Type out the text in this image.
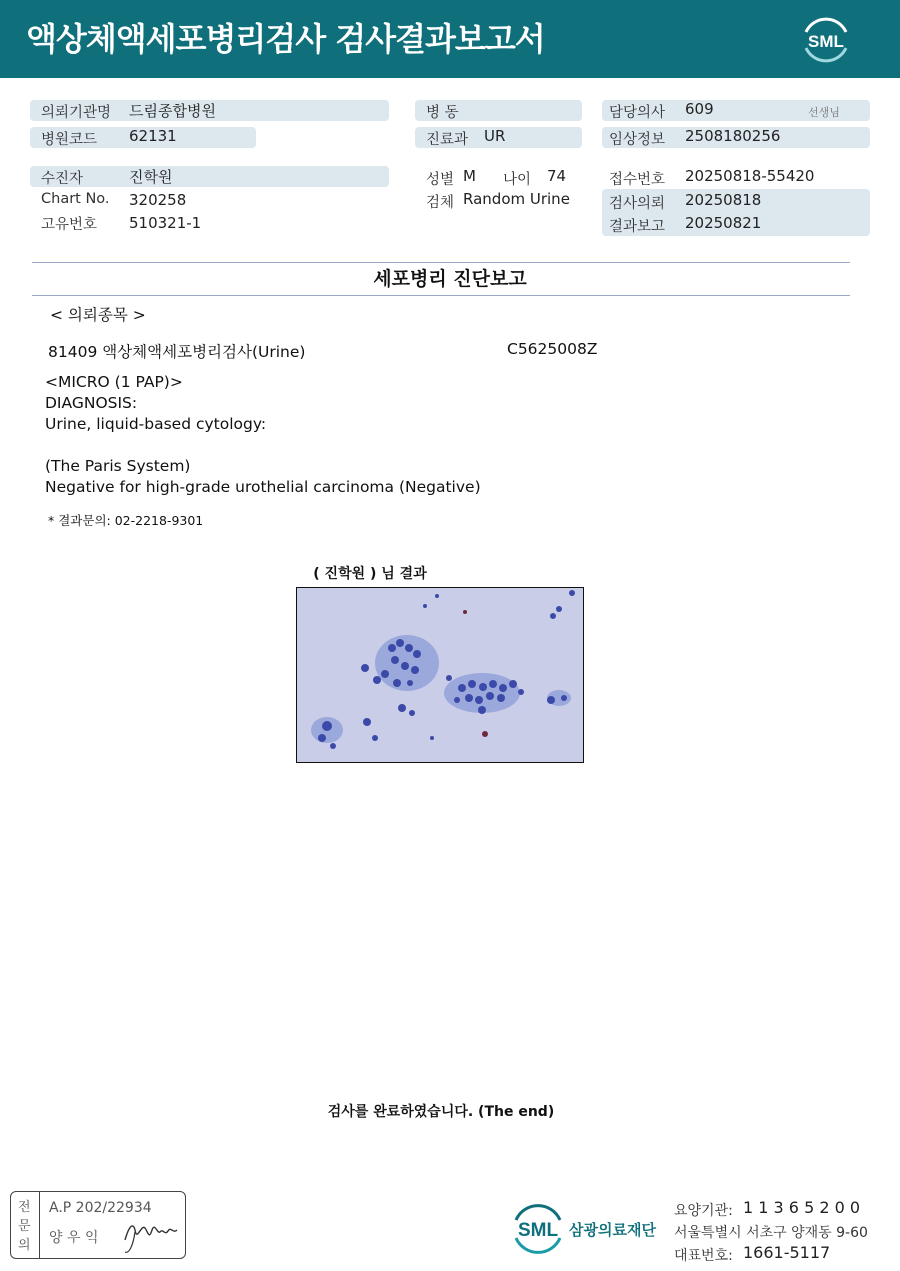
액상체액세포병리검사 검사결과보고서	SML
의뢰기관명 드림종합병원
병원코드 62131
수진자	진학원
Chart No. 320258
고유번호 510321-1
병 동
진료과 UR
성별 M 나이 74
검체 Random Urine
담당의사 609	선생님
임상정보 2508180256
접수번호 20250818-55420
검사의뢰 20250818
결과보고 20250821
세포병리 진단보고
< 의뢰종목 >
81409 액상체액세포병리검사(Urine)	C5625008Z
<MICRO (1 PAP)>
DIAGNOSIS:
Urine, liquid-based cytology:
(The Paris System)
Negative for high-grade urothelial carcinoma (Negative)
* 결과문의: 02-2218-9301
( 진학원 ) 님 결과
검사를 완료하였습니다. (The end)
전
문
의
A.P 202/22934
양 우 익	SML 삼광의료재단
요양기관: 1 1 3 6 5 2 0 0
서울특별시 서초구 양재동 9-60
대표번호: 1661-5117
